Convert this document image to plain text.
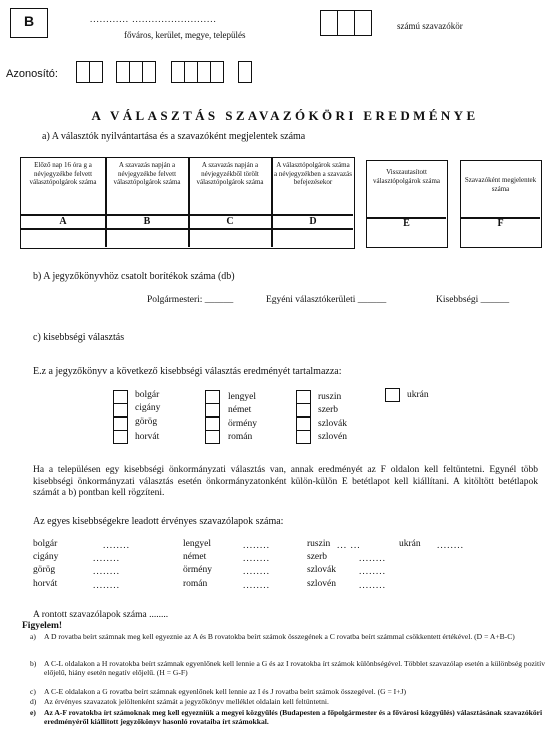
B	............ ..........................
főváros, kerület, megye, település
számú szavazókör
Azonosító:
A VÁLASZTÁS SZAVAZÓKÖRI EREDMÉNYE
a) A választók nyilvántartása és a szavazóként megjelentek száma
Előző nap 16 óra g a névjegyzékbe felvett választópolgárok száma
A szavazás napján a névjegyzékbe felvett választópolgárok száma
A szavazás napján a névjegyzékből törölt választópolgárok száma
A választópolgárok száma a névjegyzékben a szavazás befejezésekor
A	B	C	D
Visszautasított választópolgárok száma
E
Szavazóként megjelentek száma
F
b) A jegyzőkönyvhöz csatolt borítékok száma (db)
Polgármesteri: ______	Egyéni választókerületi ______	Kisebbségi ______
c) kisebbségi választás
E.z a jegyzőkönyv a következő kisebbségi választás eredményét tartalmazza:
bolgár
cigány
görög
horvát
lengyel
német
örmény
román
ruszin
szerb
szlovák
szlovén
ukrán
Ha a településen egy kisebbségi önkormányzati választás van, annak eredményét az F oldalon kell feltüntetni. Egynél több kisebbségi önkormányzati választás esetén önkormányzatonként külön-külön E betétlapot kell kiállítani. A kitöltött betétlapok számát a b) pontban kell rögzíteni.
Az egyes kisebbségekre leadott érvényes szavazólapok száma:
bolgár	........
cigány	........
görög	........
horvát	........
lengyel	........
német	........
örmény	........
román	........
ruszin ... ...
szerb	........
szlovák ........
szlovén ........
ukrán ........
A rontott szavazólapok száma ........
Figyelem!
a) A D rovatba beírt számnak meg kell egyeznie az A és B rovatokba beírt számok összegének a C rovatba beírt számmal csökkentett értékével. (D = A+B-C)
b) A C-L oldalakon a H rovatokba beírt számnak egyenlőnek kell lennie a G és az I rovatokba írt számok különbségével. Többlet szavazólap esetén a különbség pozitív előjelű, hiány esetén negatív előjelű. (H = G-F)
c) A C-E oldalakon a G rovatba beírt számnak egyenlőnek kell lennie az I és J rovatba beírt számok összegével. (G = I+J)
d) Az érvényes szavazatok jelöltenként számát a jegyzőkönyv melléklet oldalain kell feltüntetni.
e) Az A-F rovatokba írt számoknak meg kell egyezniük a megyei közgyűlés (Budapesten a főpolgármester és a fővárosi közgyűlés) választásának szavazóköri eredményéről kiállított jegyzőkönyv hasonló rovataiba írt számokkal.
